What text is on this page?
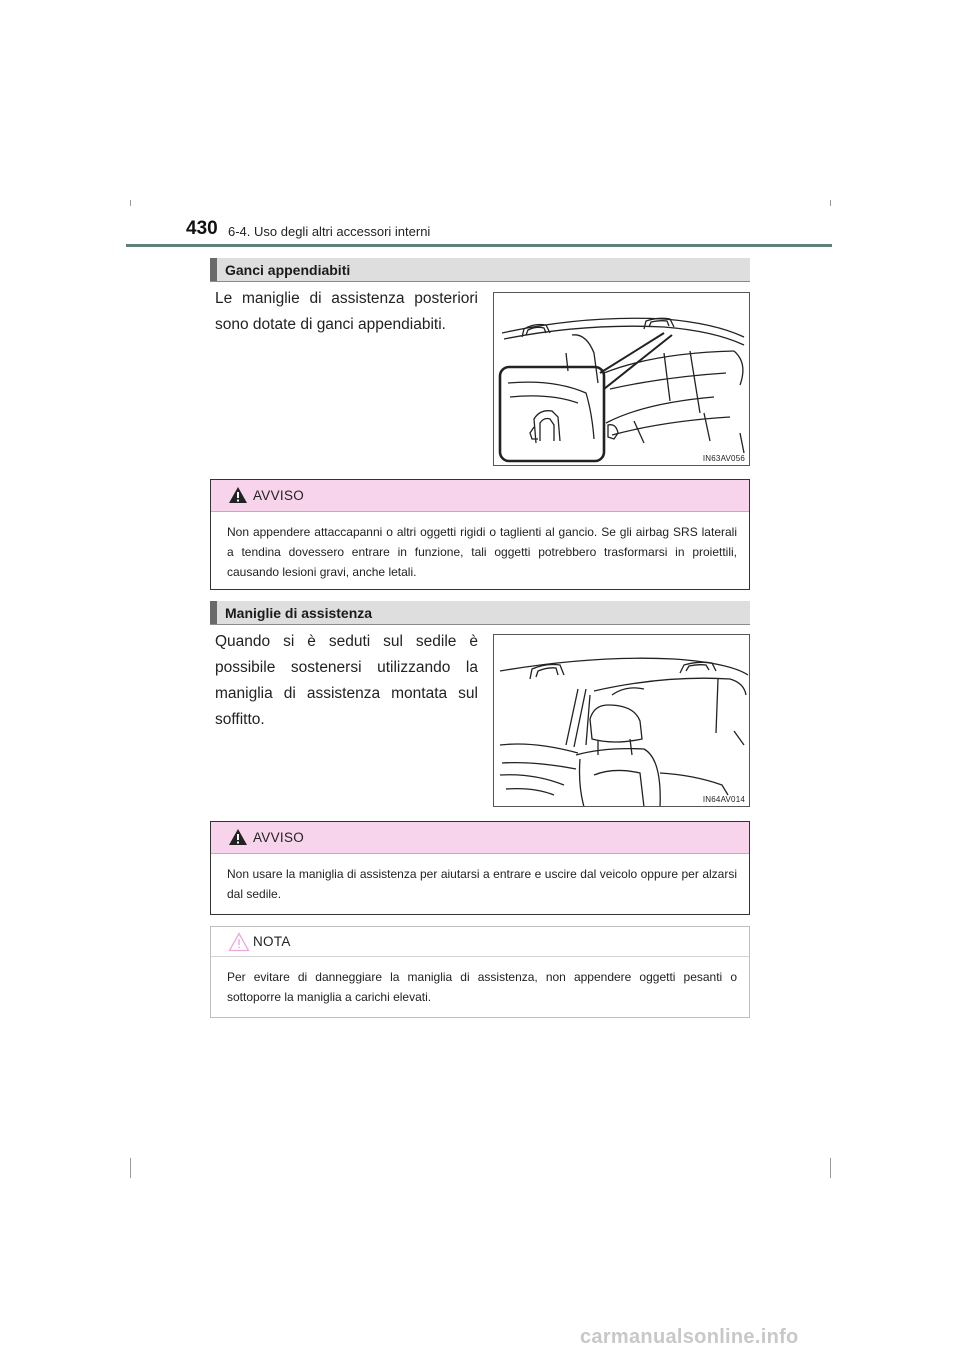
430 6-4. Uso degli altri accessori interni
Ganci appendiabiti
Le maniglie di assistenza posteriori sono dotate di ganci appendiabiti.
IN63AV056
AVVISO
Non appendere attaccapanni o altri oggetti rigidi o taglienti al gancio. Se gli airbag SRS laterali a tendina dovessero entrare in funzione, tali oggetti potrebbero trasformarsi in proiettili, causando lesioni gravi, anche letali.
Maniglie di assistenza
Quando si è seduti sul sedile è possibile sostenersi utilizzando la maniglia di assistenza montata sul soffitto.
IN64AV014
AVVISO
Non usare la maniglia di assistenza per aiutarsi a entrare e uscire dal veicolo oppure per alzarsi dal sedile.
NOTA
Per evitare di danneggiare la maniglia di assistenza, non appendere oggetti pesanti o sottoporre la maniglia a carichi elevati.
carmanualsonline.info
